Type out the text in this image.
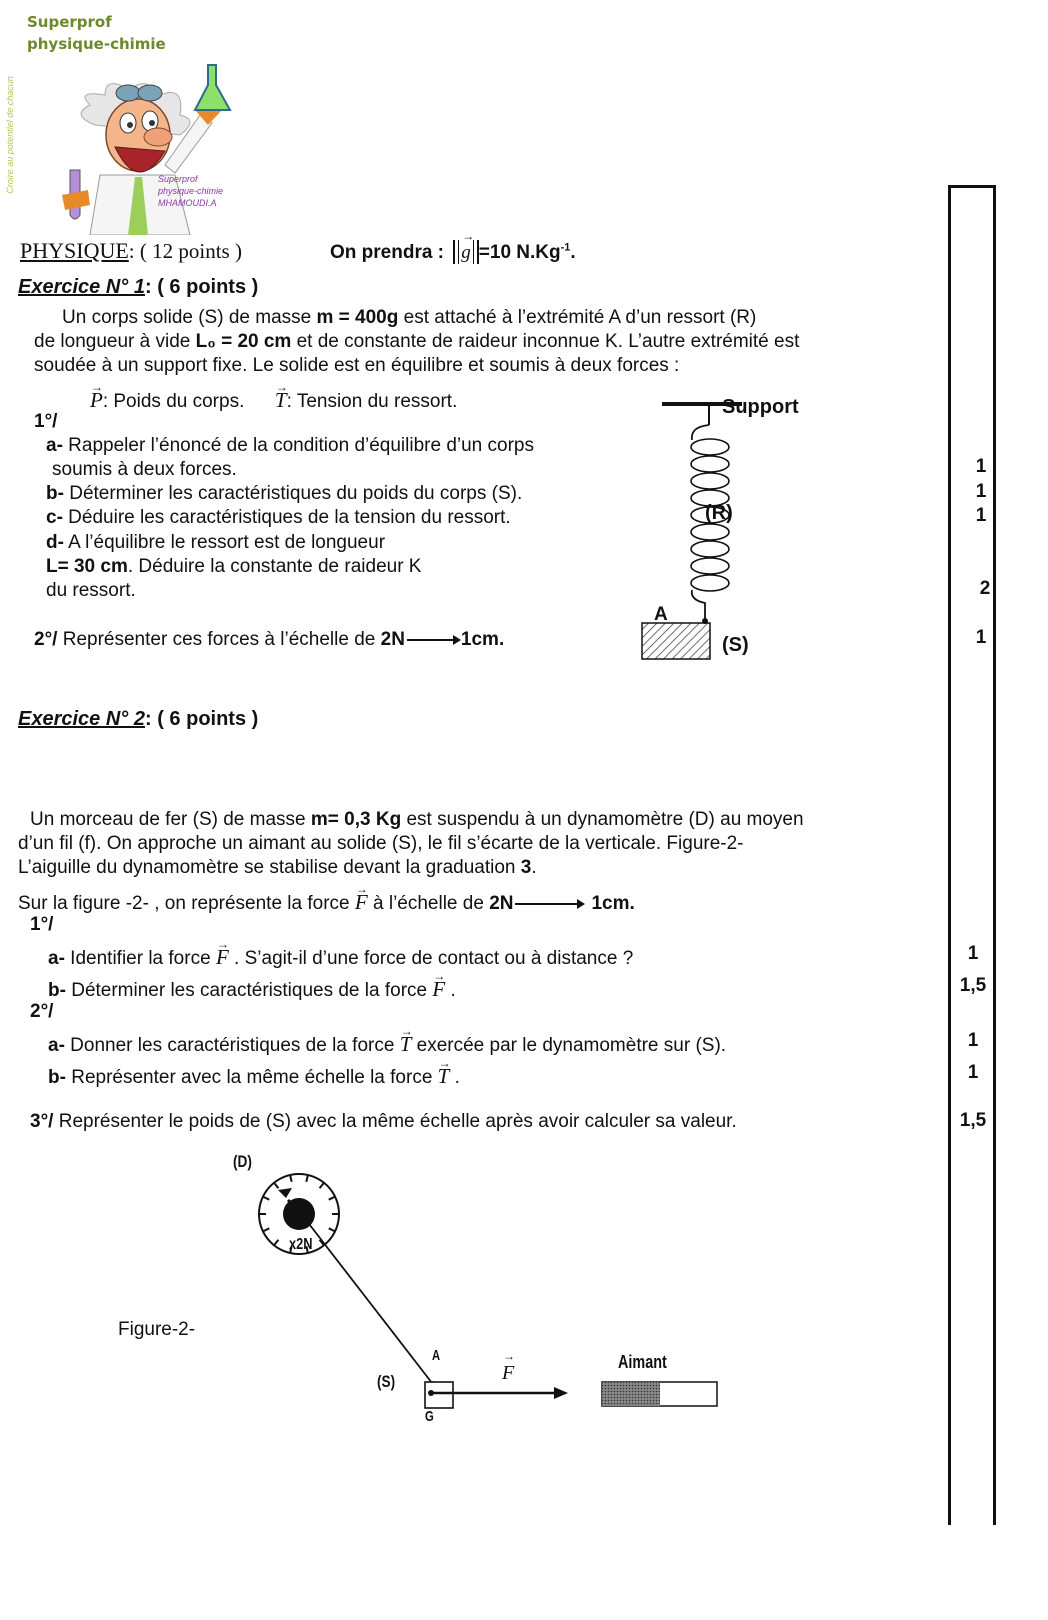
Superprof
physique-chimie
Croire au potentiel de chacun	Superprof
physique-chimie
MHAMOUDI.A
PHYSIQUE: ( 12 points )	On prendra : → g =10 $N.Kg^{-1}$.
Exercice N° 1: ( 6 points )
Un corps solide (S) de masse m = 400g est attaché à l’extrémité A d’un ressort (R)
de longueur à vide L₀ = 20 cm et de constante de raideur inconnue K. L’autre extrémité est
soudée à un support fixe. Le solide est en équilibre et soumis à deux forces :
→ P: Poids du corps. → T: Tension du ressort.
1°/
a- Rappeler l’énoncé de la condition d’équilibre d’un corps
soumis à deux forces.
b- Déterminer les caractéristiques du poids du corps (S).
c- Déduire les caractéristiques de la tension du ressort.
d- A l’équilibre le ressort est de longueur
L= 30 cm. Déduire la constante de raideur K
du ressort.
2°/ Représenter ces forces à l’échelle de 2N	1cm.
Support
(R)
A
(S)
1
1
1
2
1
Exercice N° 2: ( 6 points )
Un morceau de fer (S) de masse m= 0,3 Kg est suspendu à un dynamomètre (D) au moyen
d’un fil (f). On approche un aimant au solide (S), le fil s’écarte de la verticale. Figure-2-
L’aiguille du dynamomètre se stabilise devant la graduation 3.
Sur la figure -2- , on représente la force → F à l’échelle de 2N	1cm.
1°/
a- Identifier la force → F . S’agit-il d’une force de contact ou à distance ?
b- Déterminer les caractéristiques de la force → F .
2°/
a- Donner les caractéristiques de la force → T exercée par le dynamomètre sur (S).
b- Représenter avec la même échelle la force → T .
3°/ Représenter le poids de (S) avec la même échelle après avoir calculer sa valeur.
1
1,5
1
1
1,5
(D)
x2N
Figure-2-
A
(S)
G
→ F	Aimant
